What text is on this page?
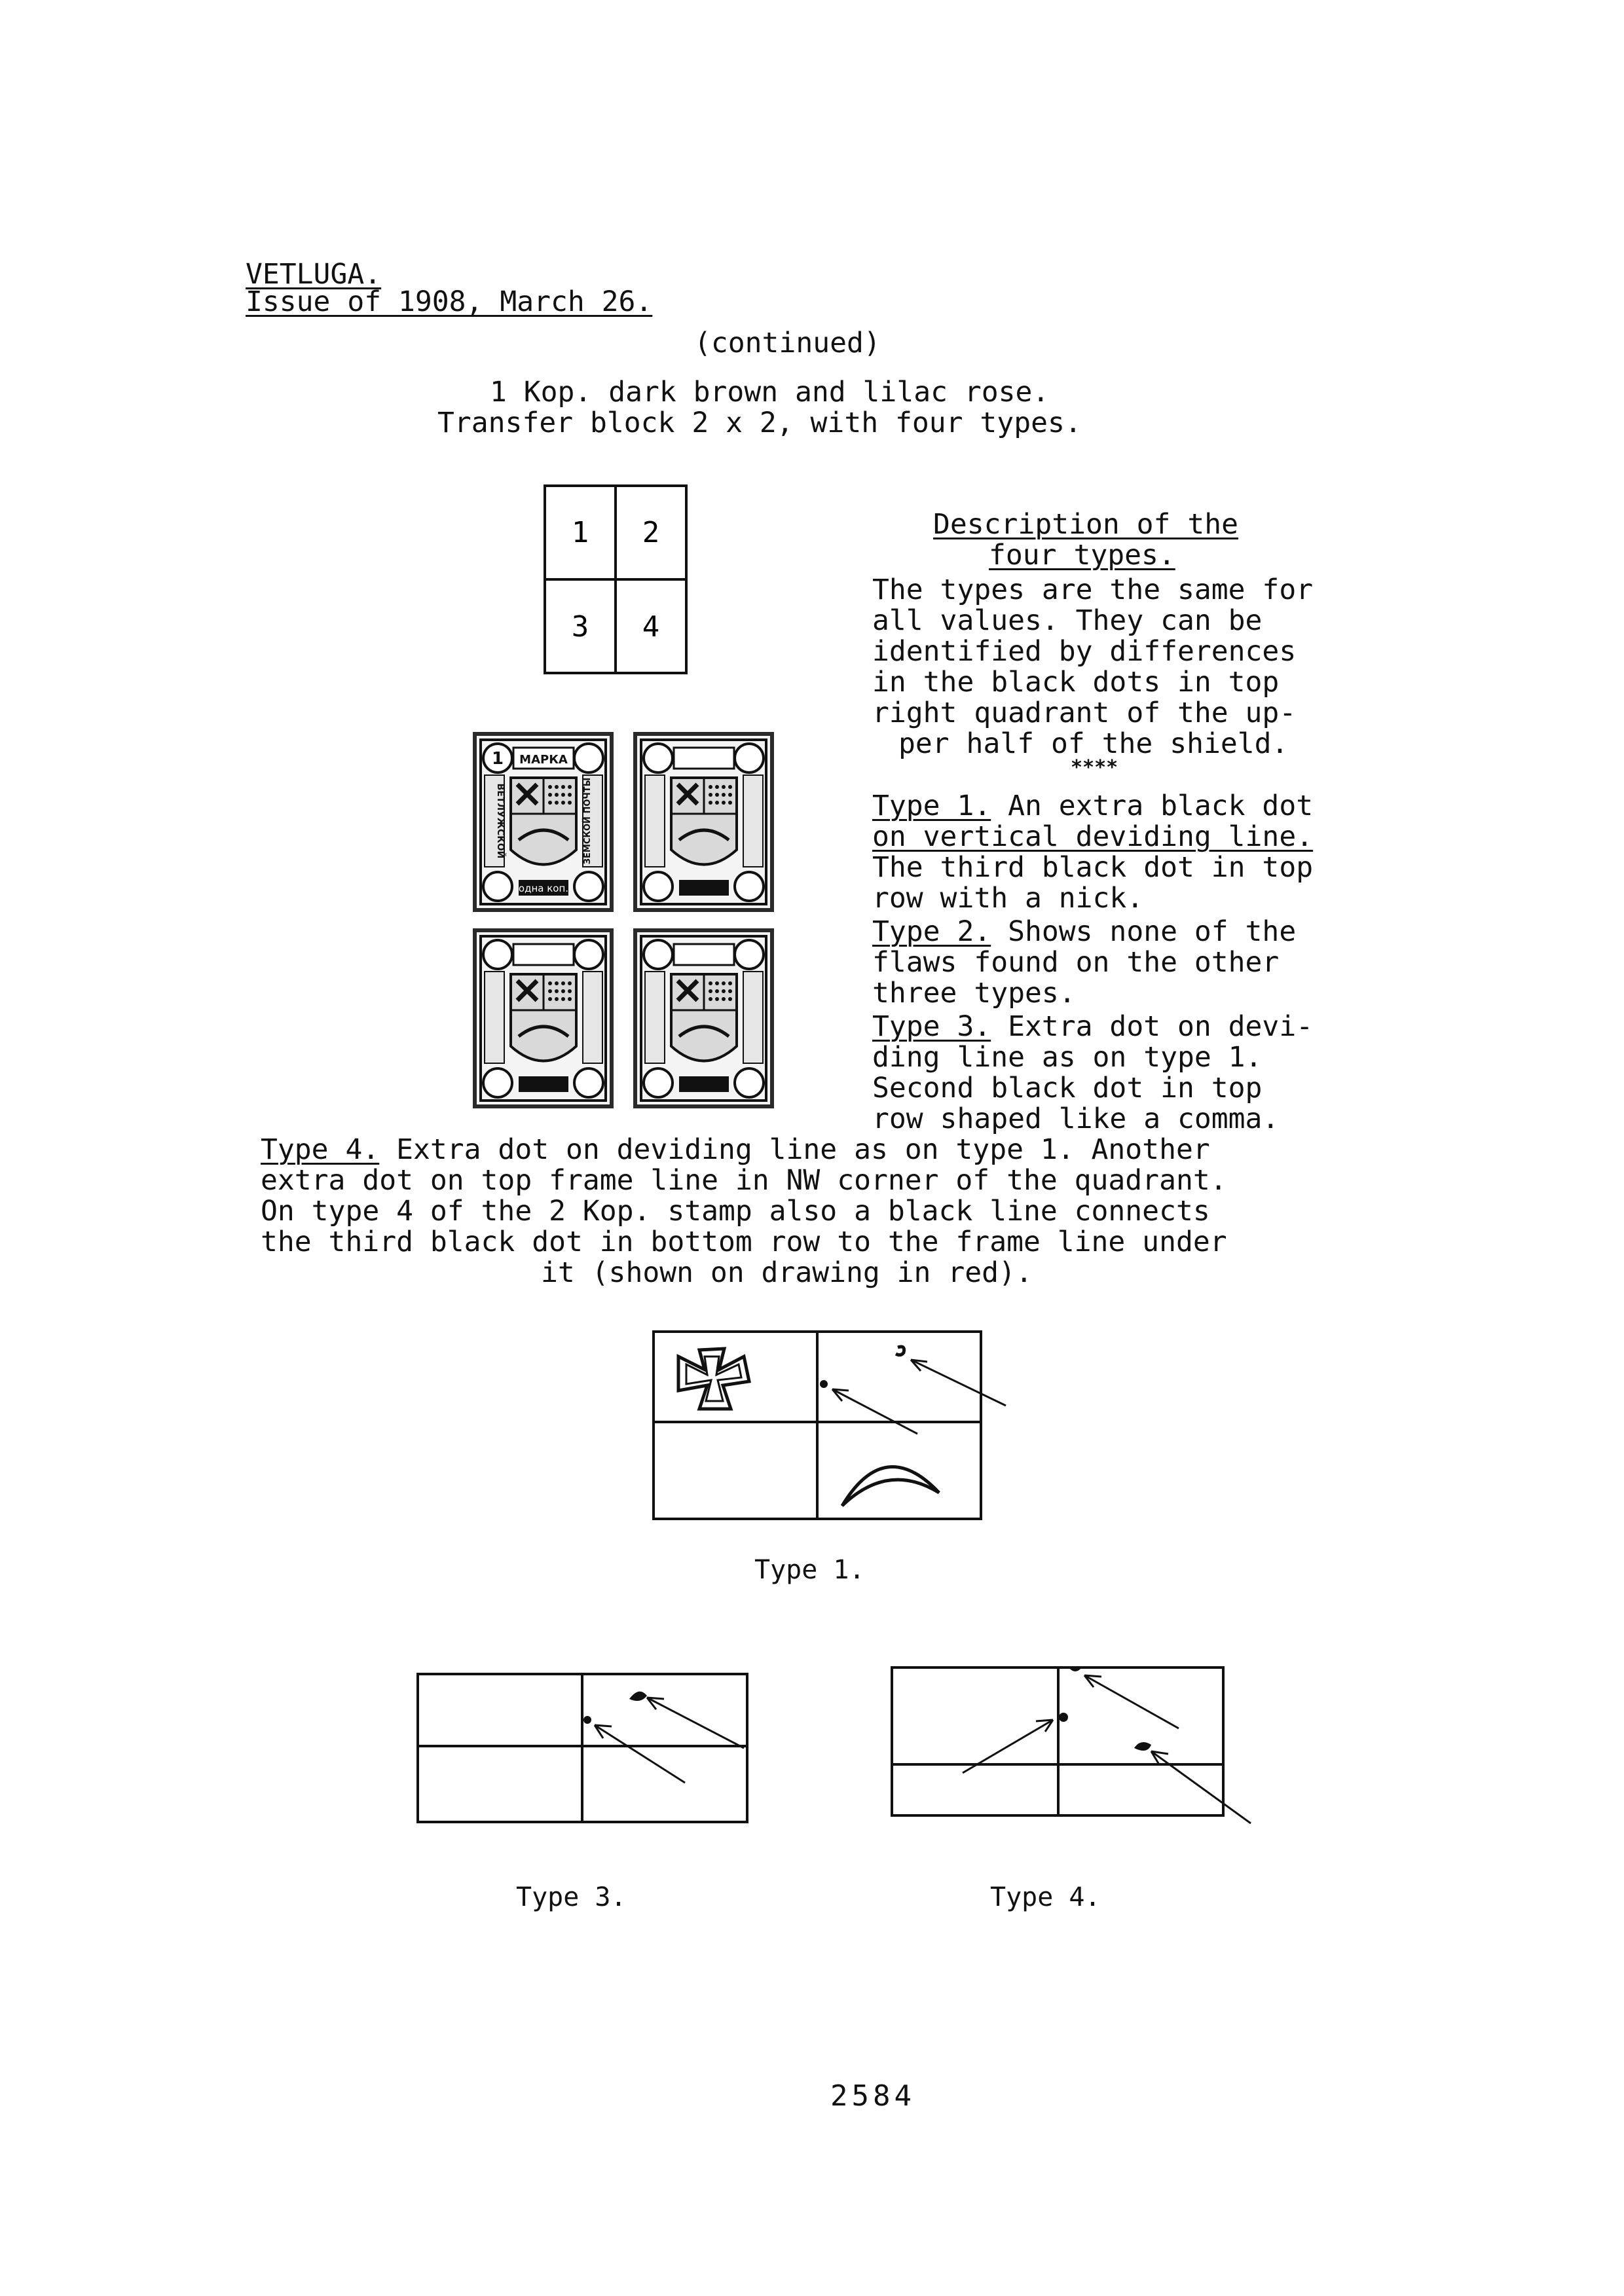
VETLUGA.
Issue of 1908, March 26.
(continued)
1 Kop. dark brown and lilac rose.
Transfer block 2 x 2, with four types.
1 2
3 4
МАРКА
1
ВЕТЛУЖСКОЙ	ЗЕМСКОЙ ПОЧТЫ
одна коп.
Description of the
four types.
The types are the same for
all values. They can be
identified by differences
in the black dots in top
right quadrant of the up-
per half of the shield.
****
Type 1. An extra black dot
on vertical deviding line.
The third black dot in top
row with a nick.
Type 2. Shows none of the
flaws found on the other
three types.
Type 3. Extra dot on devi-
ding line as on type 1.
Second black dot in top
row shaped like a comma.
Type 4. Extra dot on deviding line as on type 1. Another
extra dot on top frame line in NW corner of the quadrant.
On type 4 of the 2 Kop. stamp also a black line connects
the third black dot in bottom row to the frame line under
it (shown on drawing in red).
Type 1.
Type 3.	Type 4.
2584
